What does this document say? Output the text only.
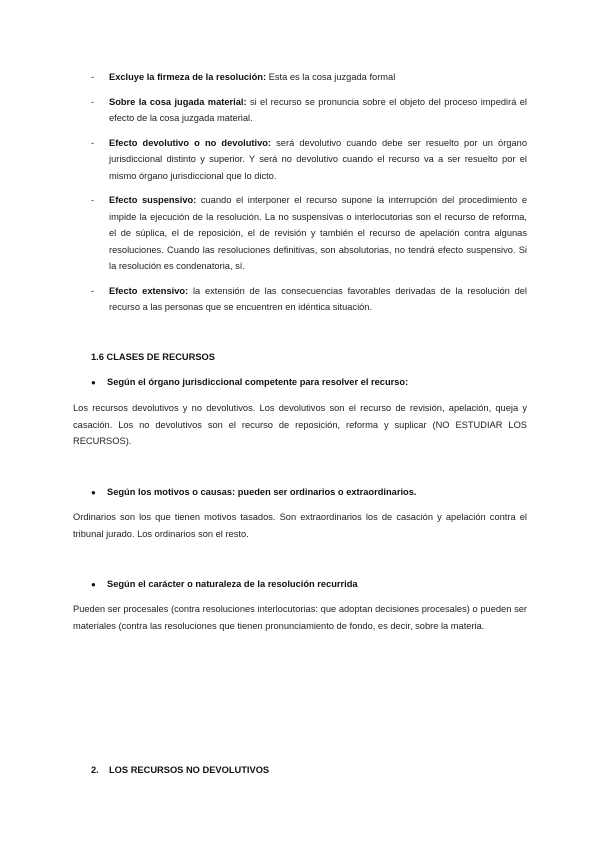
- Excluye la firmeza de la resolución: Esta es la cosa juzgada formal
- Sobre la cosa jugada material: si el recurso se pronuncia sobre el objeto del proceso impedirá el efecto de la cosa juzgada material.
- Efecto devolutivo o no devolutivo: será devolutivo cuando debe ser resuelto por un órgano jurisdiccional distinto y superior. Y será no devolutivo cuando el recurso va a ser resuelto por el mismo órgano jurisdiccional que lo dicto.
- Efecto suspensivo: cuando el interponer el recurso supone la interrupción del procedimiento e impide la ejecución de la resolución. La no suspensivas o interlocutorias son el recurso de reforma, el de súplica, el de reposición, el de revisión y también el recurso de apelación contra algunas resoluciones. Cuando las resoluciones definitivas, son absolutorias, no tendrá efecto suspensivo. Si la resolución es condenatoria, sí.
- Efecto extensivo: la extensión de las consecuencias favorables derivadas de la resolución del recurso a las personas que se encuentren en idéntica situación.
1.6 CLASES DE RECURSOS
● Según el órgano jurisdiccional competente para resolver el recurso:
Los recursos devolutivos y no devolutivos. Los devolutivos son el recurso de revisión, apelación, queja y casación. Los no devolutivos son el recurso de reposición, reforma y suplicar (NO ESTUDIAR LOS RECURSOS).
● Según los motivos o causas: pueden ser ordinarios o extraordinarios.
Ordinarios son los que tienen motivos tasados. Son extraordinarios los de casación y apelación contra el tribunal jurado. Los ordinarios son el resto.
● Según el carácter o naturaleza de la resolución recurrida
Pueden ser procesales (contra resoluciones interlocutorias: que adoptan decisiones procesales) o pueden ser materiales (contra las resoluciones que tienen pronunciamiento de fondo, es decir, sobre la materia.
2. LOS RECURSOS NO DEVOLUTIVOS
